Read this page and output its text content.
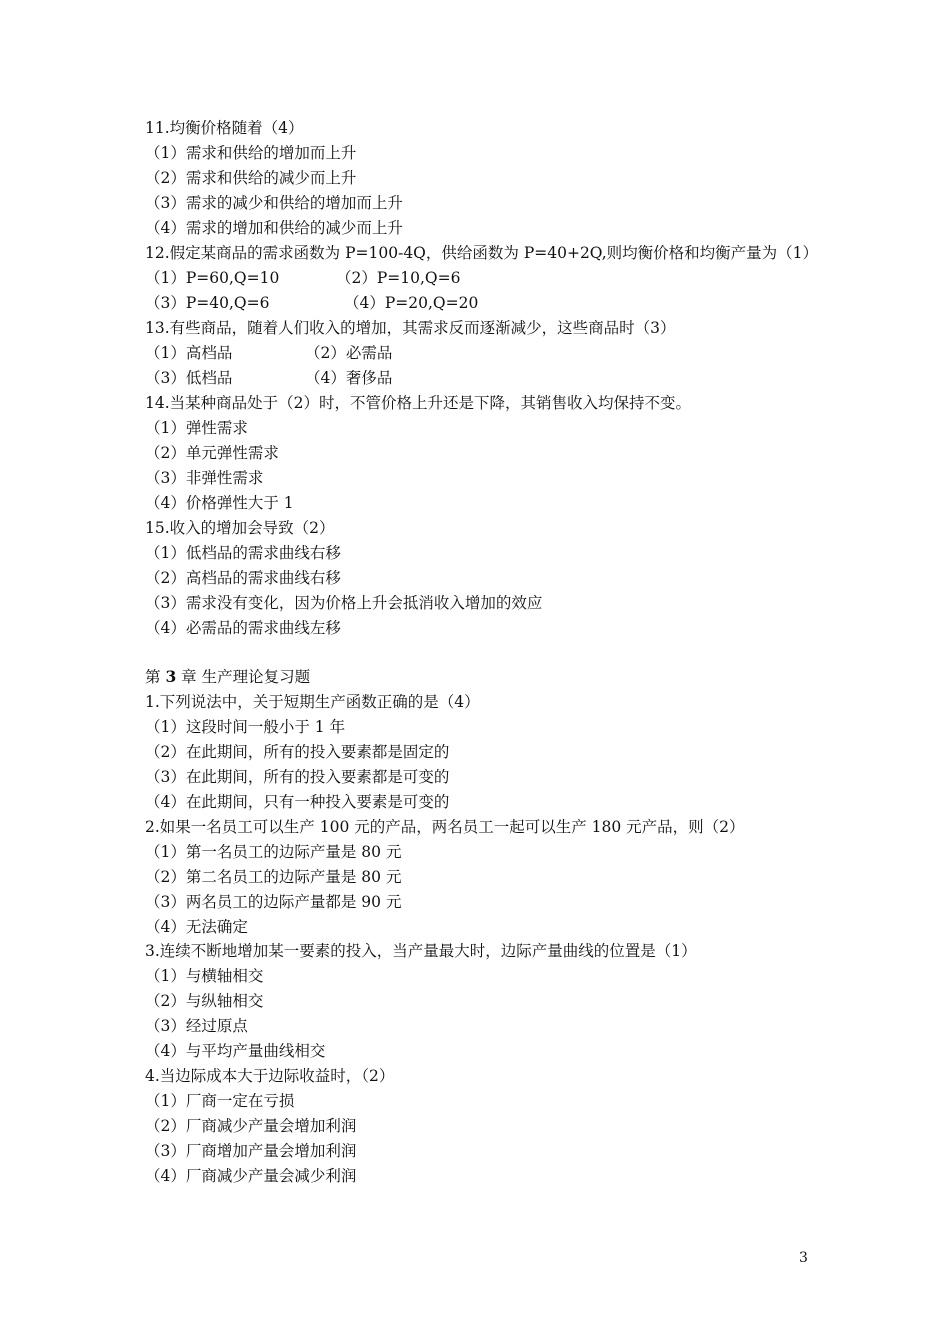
11.均衡价格随着（4）
（1）需求和供给的增加而上升
（2）需求和供给的减少而上升
（3）需求的减少和供给的增加而上升
（4）需求的增加和供给的减少而上升
12.假定某商品的需求函数为 P=100-4Q，供给函数为 P=40+2Q,则均衡价格和均衡产量为（1）
（1）P=60,Q=10	（2）P=10,Q=6
（3）P=40,Q=6	（4）P=20,Q=20
13.有些商品，随着人们收入的增加，其需求反而逐渐减少，这些商品时（3）
（1）高档品	（2）必需品
（3）低档品	（4）奢侈品
14.当某种商品处于（2）时，不管价格上升还是下降，其销售收入均保持不变。
（1）弹性需求
（2）单元弹性需求
（3）非弹性需求
（4）价格弹性大于 1
15.收入的增加会导致（2）
（1）低档品的需求曲线右移
（2）高档品的需求曲线右移
（3）需求没有变化，因为价格上升会抵消收入增加的效应
（4）必需品的需求曲线左移
第 3 章 生产理论复习题
1.下列说法中，关于短期生产函数正确的是（4）
（1）这段时间一般小于 1 年
（2）在此期间，所有的投入要素都是固定的
（3）在此期间，所有的投入要素都是可变的
（4）在此期间，只有一种投入要素是可变的
2.如果一名员工可以生产 100 元的产品，两名员工一起可以生产 180 元产品，则（2）
（1）第一名员工的边际产量是 80 元
（2）第二名员工的边际产量是 80 元
（3）两名员工的边际产量都是 90 元
（4）无法确定
3.连续不断地增加某一要素的投入，当产量最大时，边际产量曲线的位置是（1）
（1）与横轴相交
（2）与纵轴相交
（3）经过原点
（4）与平均产量曲线相交
4.当边际成本大于边际收益时，（2）
（1）厂商一定在亏损
（2）厂商减少产量会增加利润
（3）厂商增加产量会增加利润
（4）厂商减少产量会减少利润
3
